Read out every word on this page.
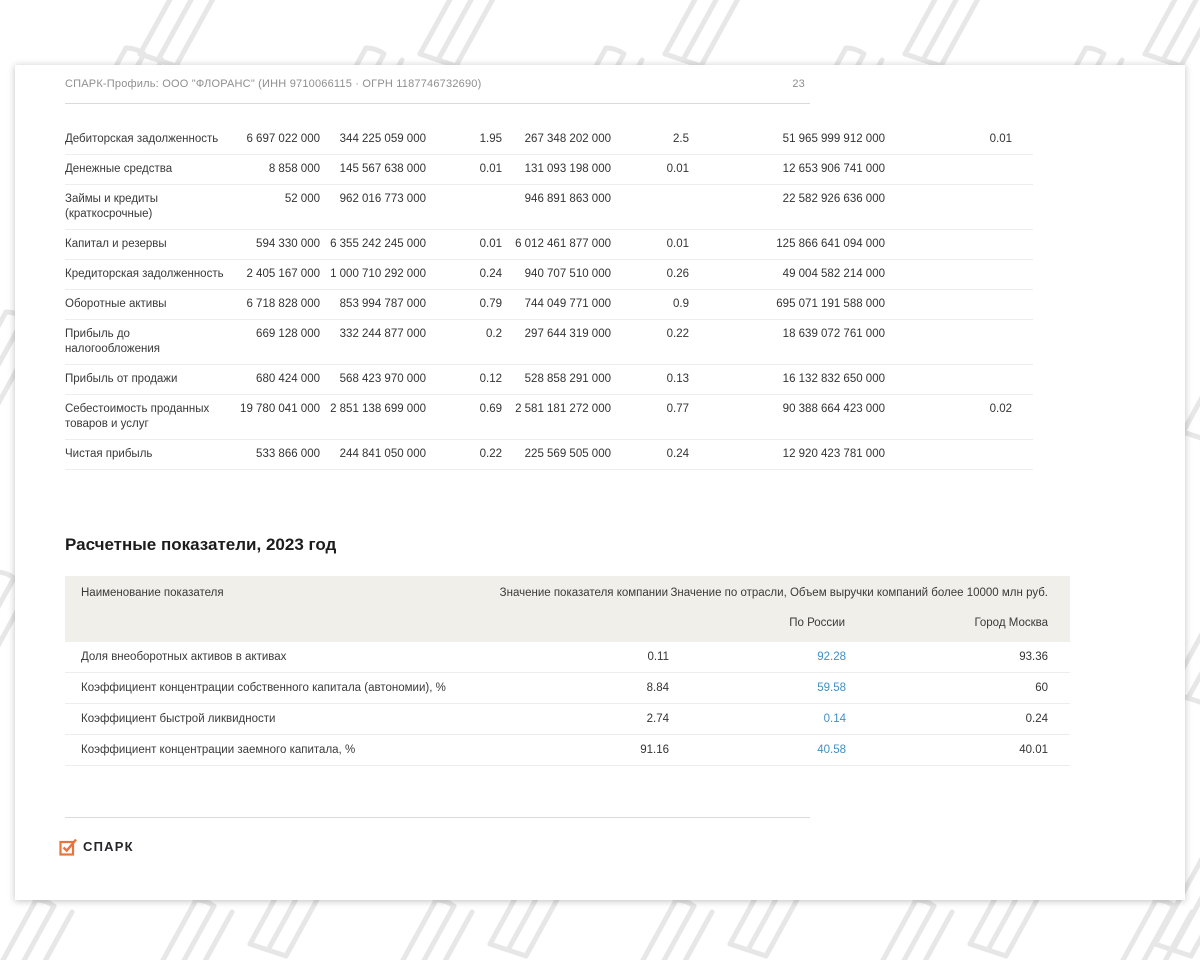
СПАРК-Профиль: ООО "ФЛОРАНС" (ИНН 9710066115 · ОГРН 1187746732690)	23
Дебиторская задолженность	6 697 022 000	344 225 059 000	1.95	267 348 202 000	2.5	51 965 999 912 000	0.01	
Денежные средства	8 858 000	145 567 638 000	0.01	131 093 198 000	0.01	12 653 906 741 000		
Займы и кредиты (краткосрочные)	52 000	962 016 773 000		946 891 863 000		22 582 926 636 000		
Капитал и резервы	594 330 000	6 355 242 245 000	0.01	6 012 461 877 000	0.01	125 866 641 094 000		
Кредиторская задолженность	2 405 167 000	1 000 710 292 000	0.24	940 707 510 000	0.26	49 004 582 214 000		
Оборотные активы	6 718 828 000	853 994 787 000	0.79	744 049 771 000	0.9	695 071 191 588 000		
Прибыль до налогообложения	669 128 000	332 244 877 000	0.2	297 644 319 000	0.22	18 639 072 761 000		
Прибыль от продажи	680 424 000	568 423 970 000	0.12	528 858 291 000	0.13	16 132 832 650 000		
Себестоимость проданных товаров и услуг	19 780 041 000	2 851 138 699 000	0.69	2 581 181 272 000	0.77	90 388 664 423 000	0.02	
Чистая прибыль	533 866 000	244 841 050 000	0.22	225 569 505 000	0.24	12 920 423 781 000		
Расчетные показатели, 2023 год
Наименование показателя	Значение показателя компании	Значение по отрасли, Объем выручки компаний более 10000 млн руб.	
		По России	Город Москва
Доля внеоборотных активов в активах	0.11	92.28	93.36
Коэффициент концентрации собственного капитала (автономии), %	8.84	59.58	60
Коэффициент быстрой ликвидности	2.74	0.14	0.24
Коэффициент концентрации заемного капитала, %	91.16	40.58	40.01
СПАРК
